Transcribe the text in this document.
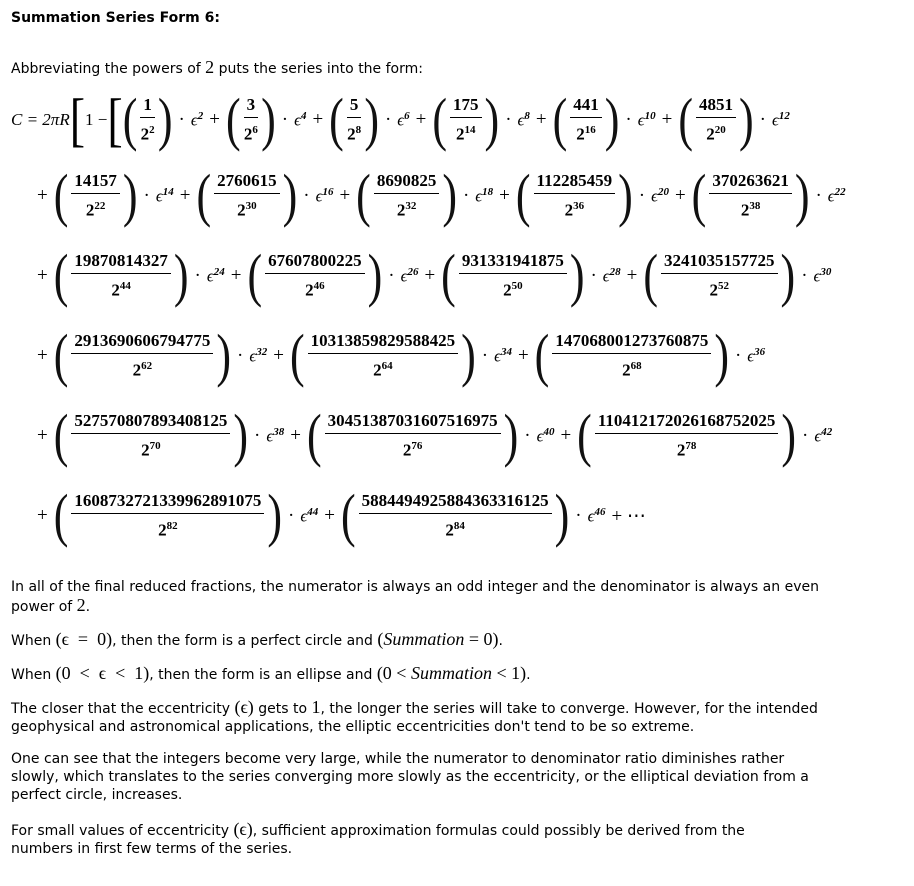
Summation Series Form 6:

Abbreviating the powers of 2 puts the series into the form:

C = 2πR [ 1 − [ ( $\frac{1}{2^2}$ ) · $\epsilon^2$ + ( $\frac{3}{2^6}$ ) · $\epsilon^4$ + ( $\frac{5}{2^8}$ ) · $\epsilon^6$ + ( $\frac{175}{2^{14}}$ ) · $\epsilon^8$ + ( $\frac{441}{2^{16}}$ ) · $\epsilon^{10}$ + ( $\frac{4851}{2^{20}}$ ) · $\epsilon^{12}$
+ ( $\frac{14157}{2^{22}}$ ) · $\epsilon^{14}$ + ( $\frac{2760615}{2^{30}}$ ) · $\epsilon^{16}$ + ( $\frac{8690825}{2^{32}}$ ) · $\epsilon^{18}$ + ( $\frac{112285459}{2^{36}}$ ) · $\epsilon^{20}$ + ( $\frac{370263621}{2^{38}}$ ) · $\epsilon^{22}$
+ ( $\frac{19870814327}{2^{44}}$ ) · $\epsilon^{24}$ + ( $\frac{67607800225}{2^{46}}$ ) · $\epsilon^{26}$ + ( $\frac{931331941875}{2^{50}}$ ) · $\epsilon^{28}$ + ( $\frac{3241035157725}{2^{52}}$ ) · $\epsilon^{30}$
+ ( $\frac{2913690606794775}{2^{62}}$ ) · $\epsilon^{32}$ + ( $\frac{10313859829588425}{2^{64}}$ ) · $\epsilon^{34}$ + ( $\frac{147068001273760875}{2^{68}}$ ) · $\epsilon^{36}$
+ ( $\frac{527570807893408125}{2^{70}}$ ) · $\epsilon^{38}$ + ( $\frac{30451387031607516975}{2^{76}}$ ) · $\epsilon^{40}$ + ( $\frac{110412172026168752025}{2^{78}}$ ) · $\epsilon^{42}$
+ ( $\frac{1608732721339962891075}{2^{82}}$ ) · $\epsilon^{44}$ + ( $\frac{5884494925884363316125}{2^{84}}$ ) · $\epsilon^{46}$ + ⋯

In all of the final reduced fractions, the numerator is always an odd integer and the denominator is always an even power of 2.

When (ϵ  =  0), then the form is a perfect circle and (Summation = 0).

When (0  <  ϵ  <  1), then the form is an ellipse and (0 < Summation < 1).

The closer that the eccentricity (ϵ) gets to 1, the longer the series will take to converge. However, for the intended geophysical and astronomical applications, the elliptic eccentricities don't tend to be so extreme.

One can see that the integers become very large, while the numerator to denominator ratio diminishes rather slowly, which translates to the series converging more slowly as the eccentricity, or the elliptical deviation from a perfect circle, increases.

For small values of eccentricity (ϵ), sufficient approximation formulas could possibly be derived from the numbers in first few terms of the series.
